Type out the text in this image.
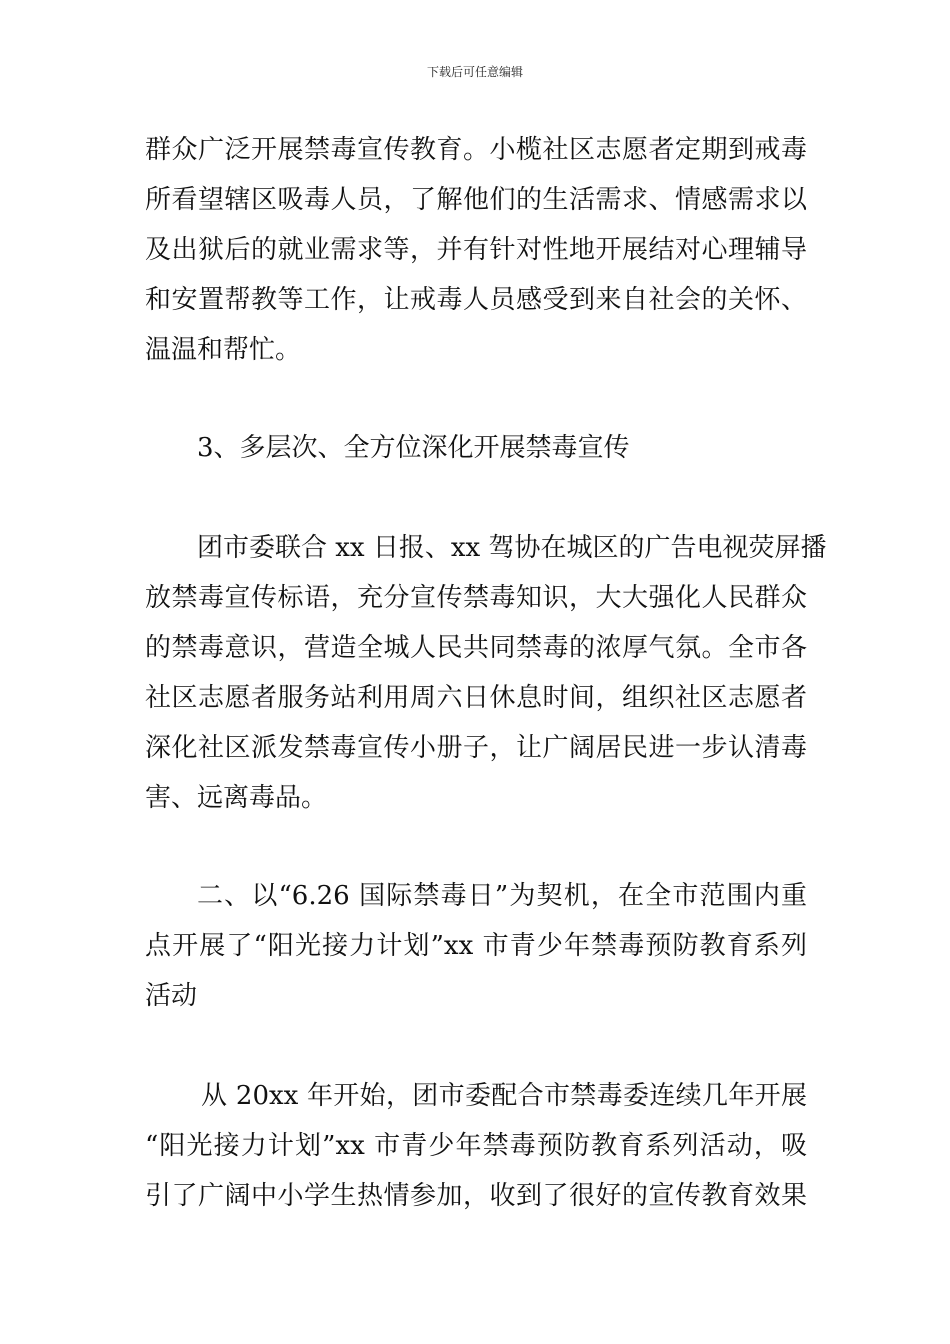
下载后可任意编辑
群众广泛开展禁毒宣传教育。小榄社区志愿者定期到戒毒
所看望辖区吸毒人员，了解他们的生活需求、情感需求以
及出狱后的就业需求等，并有针对性地开展结对心理辅导
和安置帮教等工作，让戒毒人员感受到来自社会的关怀、
温温和帮忙。
3、多层次、全方位深化开展禁毒宣传
团市委联合 xx 日报、xx 驾协在城区的广告电视荧屏播
放禁毒宣传标语，充分宣传禁毒知识，大大强化人民群众
的禁毒意识，营造全城人民共同禁毒的浓厚气氛。全市各
社区志愿者服务站利用周六日休息时间，组织社区志愿者
深化社区派发禁毒宣传小册子，让广阔居民进一步认清毒
害、远离毒品。
二、以“6.26 国际禁毒日”为契机，在全市范围内重
点开展了“阳光接力计划”xx 市青少年禁毒预防教育系列
活动
从 20xx 年开始，团市委配合市禁毒委连续几年开展
“阳光接力计划”xx 市青少年禁毒预防教育系列活动，吸
引了广阔中小学生热情参加，收到了很好的宣传教育效果
